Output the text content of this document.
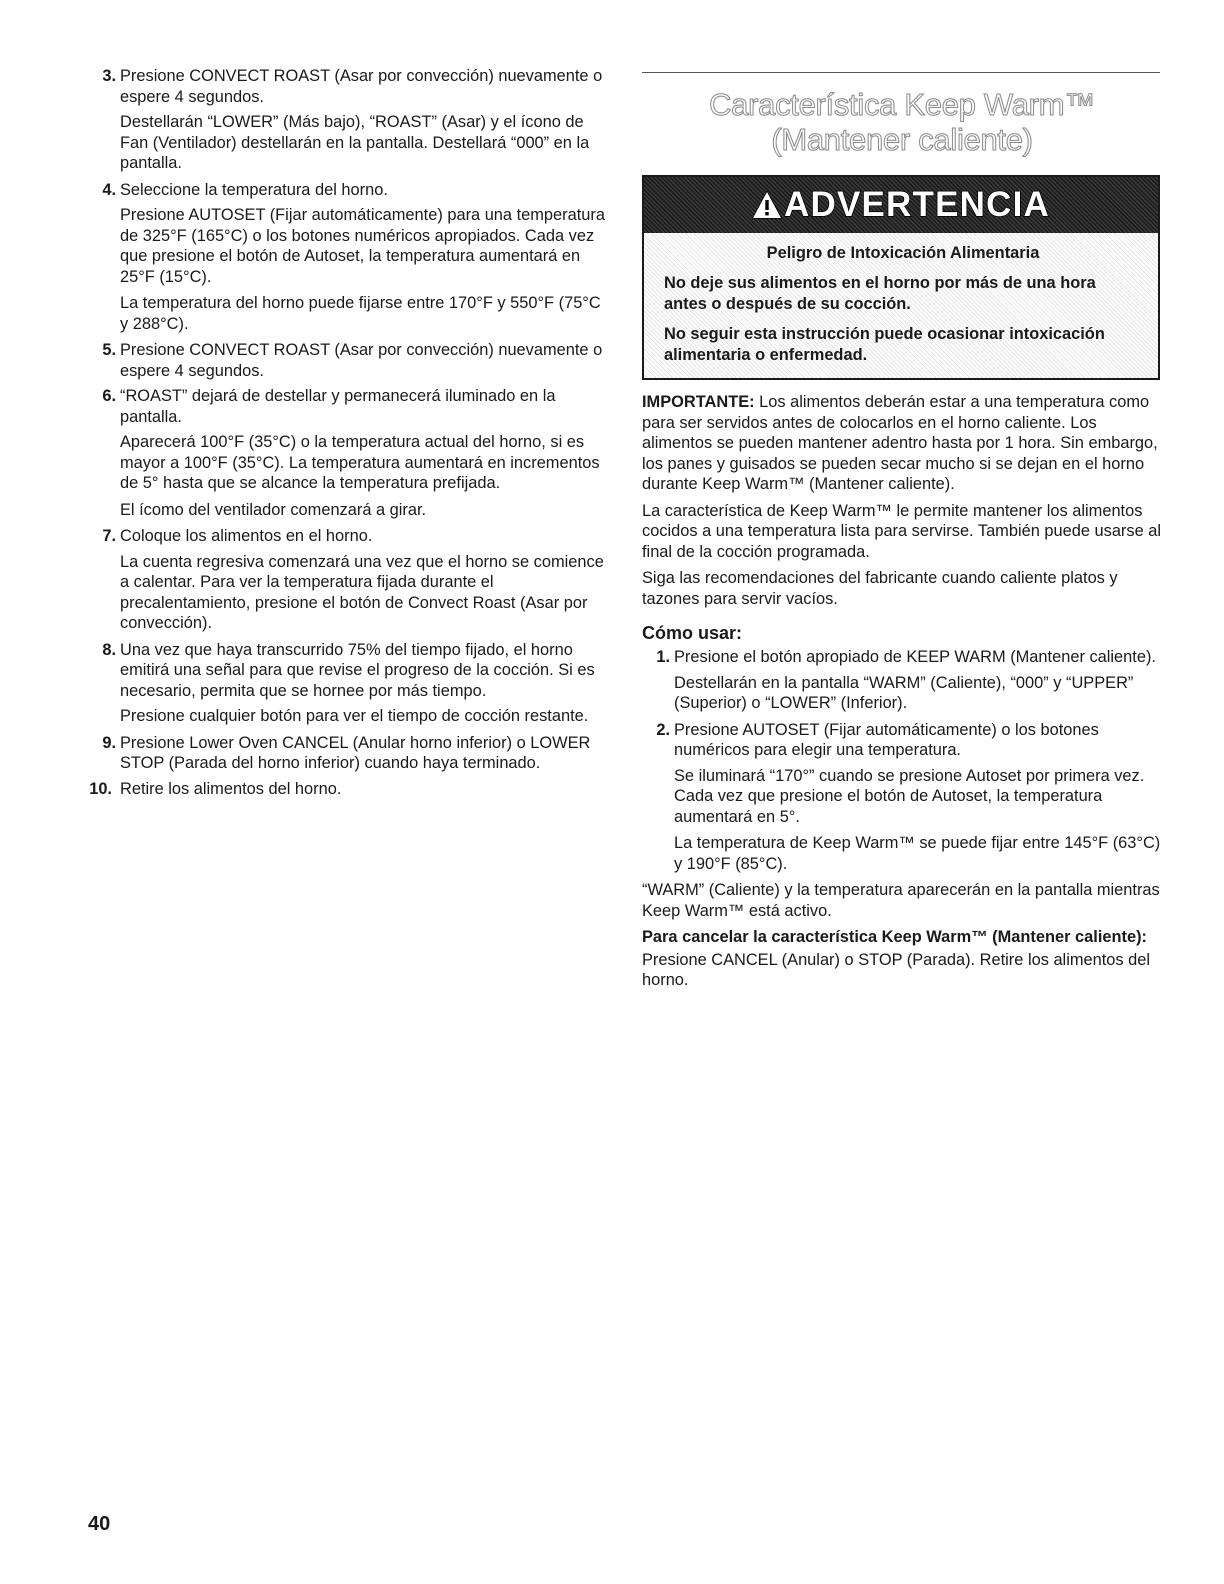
3. Presione CONVECT ROAST (Asar por convección) nuevamente o espere 4 segundos.

Destellarán “LOWER” (Más bajo), “ROAST” (Asar) y el ícono de Fan (Ventilador) destellarán en la pantalla. Destellará “000” en la pantalla.

4. Seleccione la temperatura del horno.

Presione AUTOSET (Fijar automáticamente) para una temperatura de 325°F (165°C) o los botones numéricos apropiados. Cada vez que presione el botón de Autoset, la temperatura aumentará en 25°F (15°C).

La temperatura del horno puede fijarse entre 170°F y 550°F (75°C y 288°C).

5. Presione CONVECT ROAST (Asar por convección) nuevamente o espere 4 segundos.

6. “ROAST” dejará de destellar y permanecerá iluminado en la pantalla.

Aparecerá 100°F (35°C) o la temperatura actual del horno, si es mayor a 100°F (35°C). La temperatura aumentará en incrementos de 5° hasta que se alcance la temperatura prefijada.

El ícomo del ventilador comenzará a girar.

7. Coloque los alimentos en el horno.

La cuenta regresiva comenzará una vez que el horno se comience a calentar. Para ver la temperatura fijada durante el precalentamiento, presione el botón de Convect Roast (Asar por convección).

8. Una vez que haya transcurrido 75% del tiempo fijado, el horno emitirá una señal para que revise el progreso de la cocción. Si es necesario, permita que se hornee por más tiempo.

Presione cualquier botón para ver el tiempo de cocción restante.

9. Presione Lower Oven CANCEL (Anular horno inferior) o LOWER STOP (Parada del horno inferior) cuando haya terminado.

10. Retire los alimentos del horno.

Característica Keep Warm™
(Mantener caliente)
ADVERTENCIA

Peligro de Intoxicación Alimentaria

No deje sus alimentos en el horno por más de una hora antes o después de su cocción.

No seguir esta instrucción puede ocasionar intoxicación alimentaria o enfermedad.

IMPORTANTE: Los alimentos deberán estar a una temperatura como para ser servidos antes de colocarlos en el horno caliente. Los alimentos se pueden mantener adentro hasta por 1 hora. Sin embargo, los panes y guisados se pueden secar mucho si se dejan en el horno durante Keep Warm™ (Mantener caliente).

La característica de Keep Warm™ le permite mantener los alimentos cocidos a una temperatura lista para servirse. También puede usarse al final de la cocción programada.

Siga las recomendaciones del fabricante cuando caliente platos y tazones para servir vacíos.

Cómo usar:
1. Presione el botón apropiado de KEEP WARM (Mantener caliente).

Destellarán en la pantalla “WARM” (Caliente), “000” y “UPPER” (Superior) o “LOWER” (Inferior).

2. Presione AUTOSET (Fijar automáticamente) o los botones numéricos para elegir una temperatura.

Se iluminará “170°” cuando se presione Autoset por primera vez. Cada vez que presione el botón de Autoset, la temperatura aumentará en 5°.

La temperatura de Keep Warm™ se puede fijar entre 145°F (63°C) y 190°F (85°C).

“WARM” (Caliente) y la temperatura aparecerán en la pantalla mientras Keep Warm™ está activo.

Para cancelar la característica Keep Warm™ (Mantener caliente):

Presione CANCEL (Anular) o STOP (Parada). Retire los alimentos del horno.

40
